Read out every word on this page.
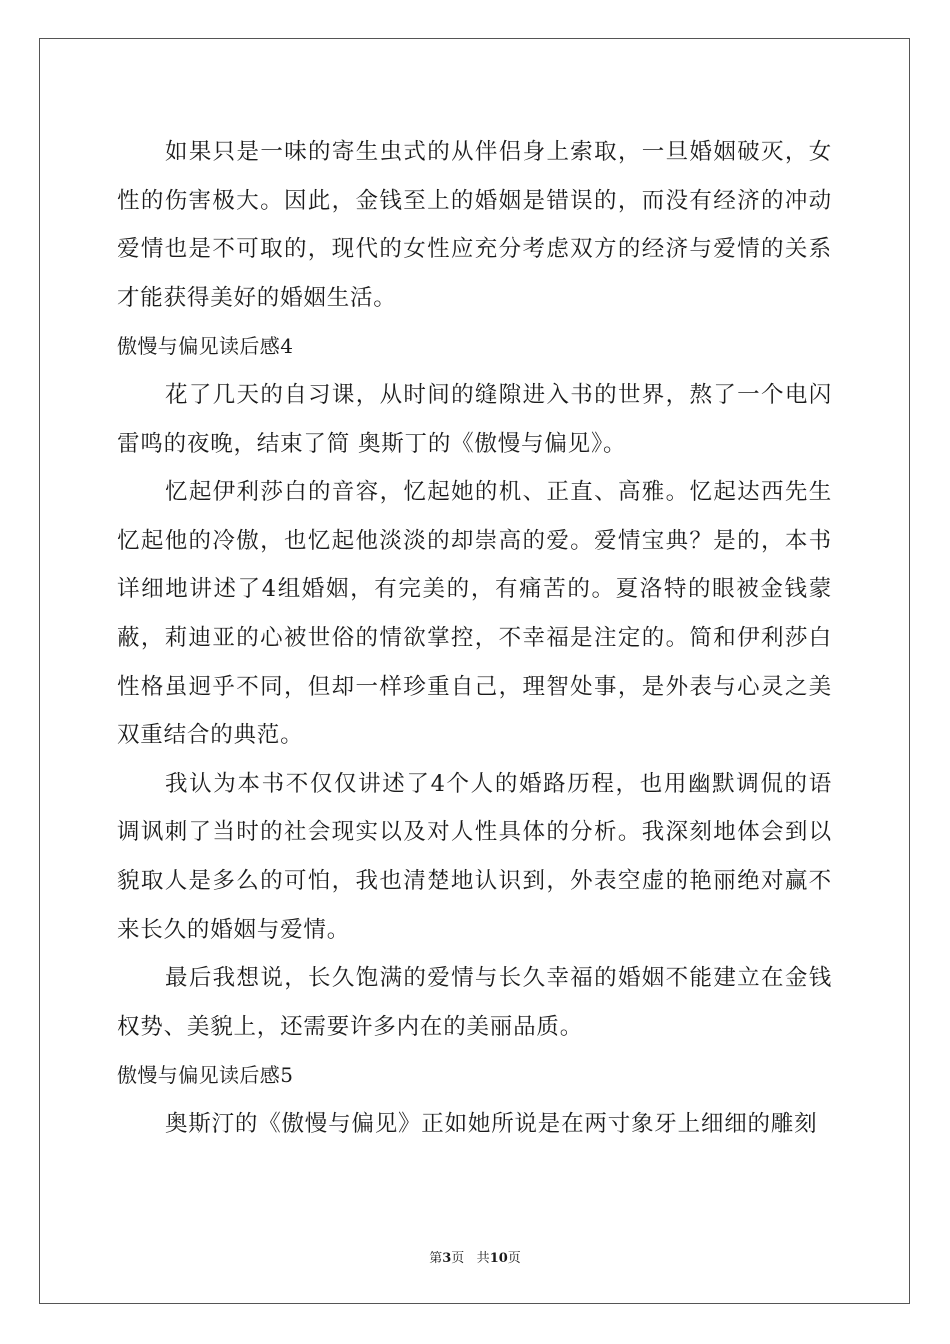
如果只是一味的寄生虫式的从伴侣身上索取，一旦婚姻破灭，女性的伤害极大。因此，金钱至上的婚姻是错误的，而没有经济的冲动爱情也是不可取的，现代的女性应充分考虑双方的经济与爱情的关系才能获得美好的婚姻生活。

傲慢与偏见读后感4

花了几天的自习课，从时间的缝隙进入书的世界，熬了一个电闪雷鸣的夜晚，结束了简 奥斯丁的《傲慢与偏见》。

忆起伊利莎白的音容，忆起她的机、正直、高雅。忆起达西先生忆起他的冷傲，也忆起他淡淡的却崇高的爱。爱情宝典？是的，本书详细地讲述了4组婚姻，有完美的，有痛苦的。夏洛特的眼被金钱蒙蔽，莉迪亚的心被世俗的情欲掌控，不幸福是注定的。简和伊利莎白性格虽迥乎不同，但却一样珍重自己，理智处事，是外表与心灵之美双重结合的典范。

我认为本书不仅仅讲述了4个人的婚路历程，也用幽默调侃的语调讽刺了当时的社会现实以及对人性具体的分析。我深刻地体会到以貌取人是多么的可怕，我也清楚地认识到，外表空虚的艳丽绝对赢不来长久的婚姻与爱情。

最后我想说，长久饱满的爱情与长久幸福的婚姻不能建立在金钱权势、美貌上，还需要许多内在的美丽品质。

傲慢与偏见读后感5

奥斯汀的《傲慢与偏见》正如她所说是在两寸象牙上细细的雕刻

第3页 共10页
